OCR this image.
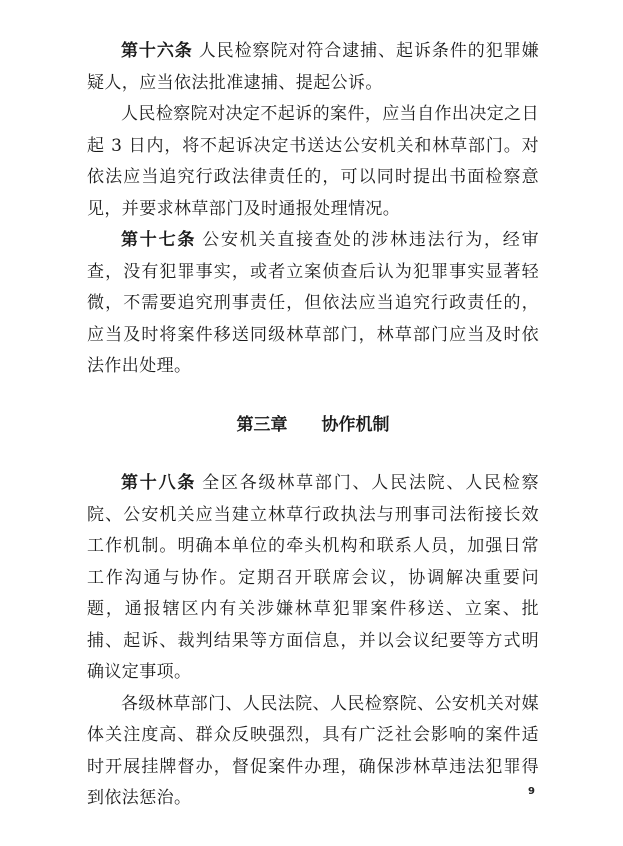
第十六条 人民检察院对符合逮捕、起诉条件的犯罪嫌疑人，应当依法批准逮捕、提起公诉。

人民检察院对决定不起诉的案件，应当自作出决定之日起 3 日内，将不起诉决定书送达公安机关和林草部门。对依法应当追究行政法律责任的，可以同时提出书面检察意见，并要求林草部门及时通报处理情况。

第十七条 公安机关直接查处的涉林违法行为，经审查，没有犯罪事实，或者立案侦查后认为犯罪事实显著轻微，不需要追究刑事责任，但依法应当追究行政责任的，应当及时将案件移送同级林草部门，林草部门应当及时依法作出处理。

第三章 协作机制

第十八条 全区各级林草部门、人民法院、人民检察院、公安机关应当建立林草行政执法与刑事司法衔接长效工作机制。明确本单位的牵头机构和联系人员，加强日常工作沟通与协作。定期召开联席会议，协调解决重要问题，通报辖区内有关涉嫌林草犯罪案件移送、立案、批捕、起诉、裁判结果等方面信息，并以会议纪要等方式明确议定事项。

各级林草部门、人民法院、人民检察院、公安机关对媒体关注度高、群众反映强烈，具有广泛社会影响的案件适时开展挂牌督办，督促案件办理，确保涉林草违法犯罪得到依法惩治。	9
